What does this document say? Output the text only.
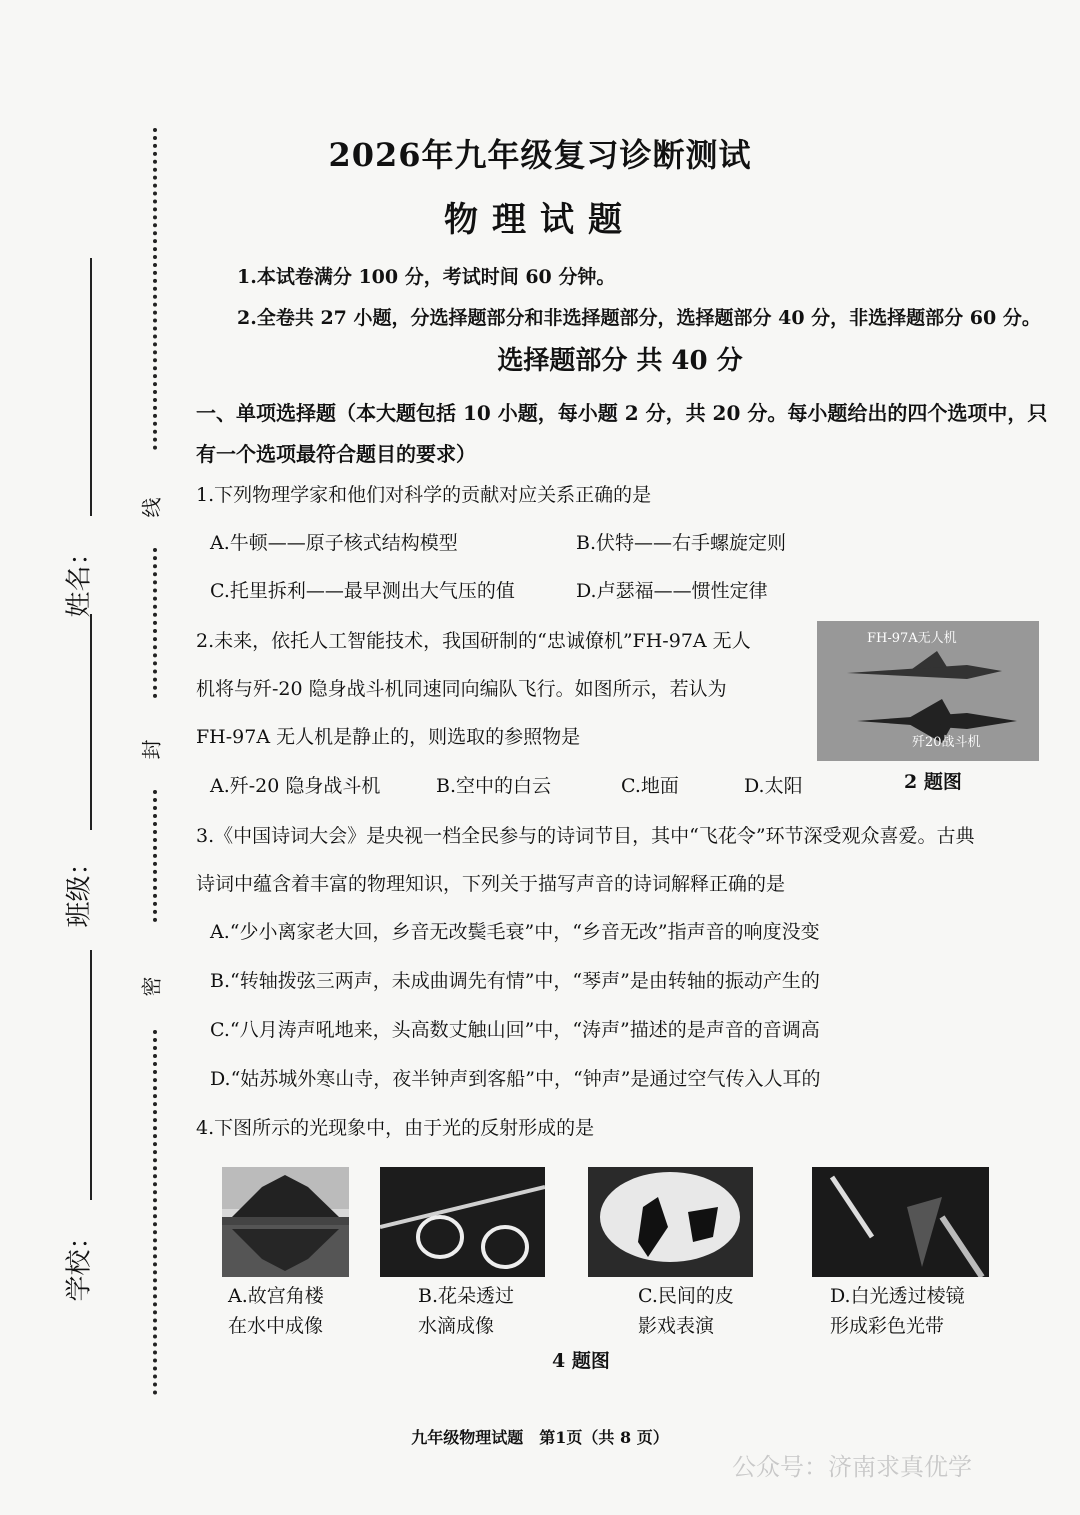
线
封
密
姓名：
班级：
学校：
2026年九年级复习诊断测试
物理试题
1.本试卷满分 100 分，考试时间 60 分钟。
2.全卷共 27 小题，分选择题部分和非选择题部分，选择题部分 40 分，非选择题部分 60 分。
选择题部分 共 40 分
一、单项选择题（本大题包括 10 小题，每小题 2 分，共 20 分。每小题给出的四个选项中，只
有一个选项最符合题目的要求）
1.下列物理学家和他们对科学的贡献对应关系正确的是
A.牛顿——原子核式结构模型	B.伏特——右手螺旋定则
C.托里拆利——最早测出大气压的值	D.卢瑟福——惯性定律
2.未来，依托人工智能技术，我国研制的“忠诚僚机”FH-97A 无人
机将与歼-20 隐身战斗机同速同向编队飞行。如图所示，若认为
FH-97A 无人机是静止的，则选取的参照物是
A.歼-20 隐身战斗机	B.空中的白云	C.地面	D.太阳
FH-97A无人机
歼20战斗机
2 题图
3.《中国诗词大会》是央视一档全民参与的诗词节目，其中“飞花令”环节深受观众喜爱。古典
诗词中蕴含着丰富的物理知识，下列关于描写声音的诗词解释正确的是
A.“少小离家老大回，乡音无改鬓毛衰”中，“乡音无改”指声音的响度没变
B.“转轴拨弦三两声，未成曲调先有情”中，“琴声”是由转轴的振动产生的
C.“八月涛声吼地来，头高数丈触山回”中，“涛声”描述的是声音的音调高
D.“姑苏城外寒山寺，夜半钟声到客船”中，“钟声”是通过空气传入人耳的
4.下图所示的光现象中，由于光的反射形成的是
A.故宫角楼
在水中成像
B.花朵透过
水滴成像
C.民间的皮
影戏表演
D.白光透过棱镜
形成彩色光带
4 题图
九年级物理试题　第1页（共 8 页）
公众号：济南求真优学
